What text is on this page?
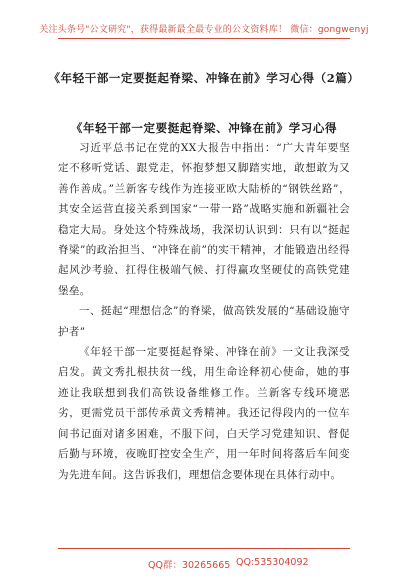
关注头条号"公文研究"，获得最新最全最专业的公文资料库！ 微信：gongwenyj
《年轻干部一定要挺起脊梁、冲锋在前》学习心得（2篇）
《年轻干部一定要挺起脊梁、冲锋在前》学习心得

习近平总书记在党的XX大报告中指出：“广大青年要坚定不移听党话、跟党走，怀抱梦想又脚踏实地，敢想敢为又善作善成。”兰新客专线作为连接亚欧大陆桥的“钢铁丝路”，其安全运营直接关系到国家“一带一路”战略实施和新疆社会稳定大局。身处这个特殊战场，我深切认识到：只有以“挺起脊梁”的政治担当、“冲锋在前”的实干精神，才能锻造出经得起风沙考验、扛得住极端气候、打得赢攻坚硬仗的高铁党建堡垒。

一、挺起“理想信念”的脊梁，做高铁发展的“基础设施守护者”

《年轻干部一定要挺起脊梁、冲锋在前》一文让我深受启发。黄文秀扎根扶贫一线，用生命诠释初心使命，她的事迹让我联想到我们高铁设备维修工作。兰新客专线环境恶劣，更需党员干部传承黄文秀精神。我还记得段内的一位车间书记面对诸多困难，不服下问，白天学习党建知识、督促后勤与环境，夜晚盯控安全生产，用一年时间将落后车间变为先进车间。这告诉我们，理想信念要体现在具体行动中。

QQ群：30265665 QQ:535304092
